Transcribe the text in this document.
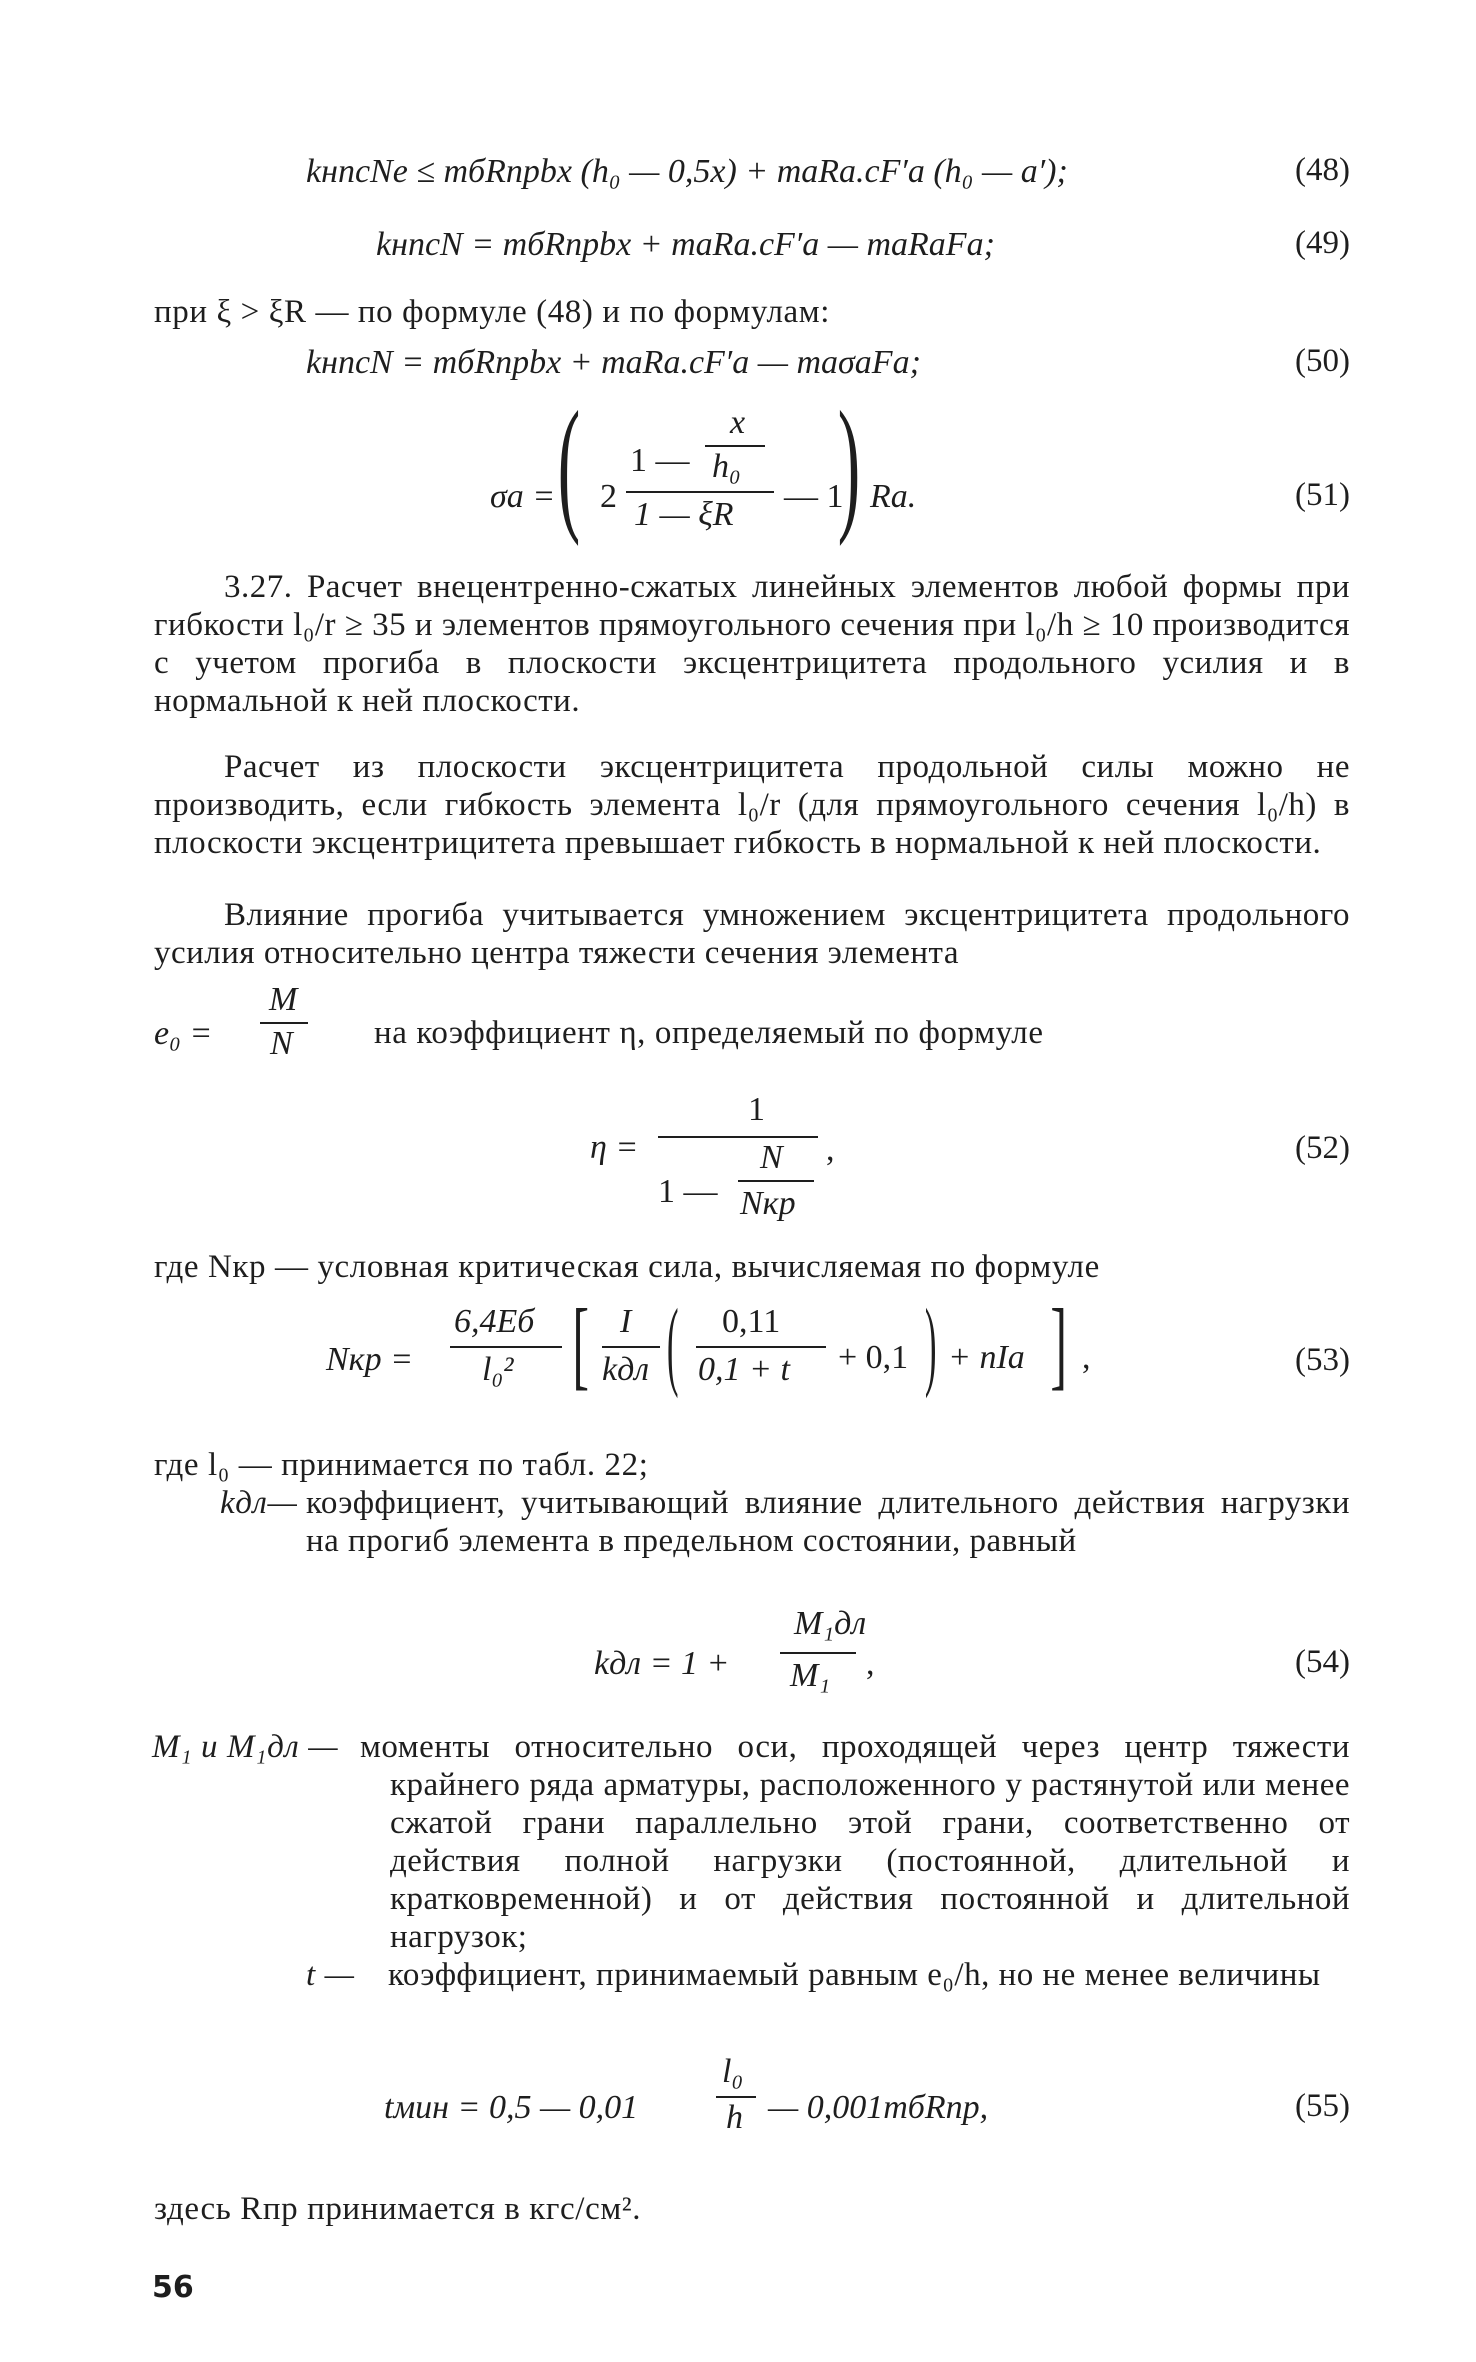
kнnсNe ≤ mбRпрbx (h₀ — 0,5x) + mаRа.сF′а (h₀ — a′);	(48)
kнnсN = mбRпрbx + mаRа.сF′а — mаRаFа;	(49)
при ξ > ξR — по формуле (48) и по формулам:
kнnсN = mбRпрbx + mаRа.сF′а — mаσаFа;	(50)
σа = ( 2
1 —
x
h₀
1 — ξR — 1
) Rа.	(51)
3.27. Расчет внецентренно-сжатых линейных элементов любой формы при гибкости l₀/r ≥ 35 и элементов прямоугольного сечения при l₀/h ≥ 10 производится с учетом прогиба в плоскости эксцентрицитета продольного усилия и в нормальной к ней плоскости.
Расчет из плоскости эксцентрицитета продольной силы можно не производить, если гибкость элемента l₀/r (для прямоугольного сечения l₀/h) в плоскости эксцентрицитета превышает гибкость в нормальной к ней плоскости.
Влияние прогиба учитывается умножением эксцентрицитета продольного усилия относительно центра тяжести сечения элемента
e₀ =
M
N на коэффициент η, определяемый по формуле
η =
1
1 —
N
Nкр
,	(52)
где Nкр — условная критическая сила, вычисляемая по формуле
Nкр =
6,4Eб
l₀² [ I
kдл ( 0,11
0,1 + t + 0,1 ) + nIа ] ,	(53)
где l₀ — принимается по табл. 22;
kдл— коэффициент, учитывающий влияние длительного действия нагрузки на прогиб элемента в предельном состоянии, равный
kдл = 1 +
M₁дл
M₁ ,	(54)
M₁ и M₁дл — моменты относительно оси, проходящей через центр тяжести крайнего ряда арматуры, расположенного у растянутой или менее сжатой грани параллельно этой грани, соответственно от действия полной нагрузки (постоянной, длительной и кратковременной) и от действия постоянной и длительной нагрузок;
t — коэффициент, принимаемый равным e₀/h, но не менее величины
tмин = 0,5 — 0,01
l₀
h — 0,001mбRпр,	(55)
здесь Rпр принимается в кгс/см².
56
